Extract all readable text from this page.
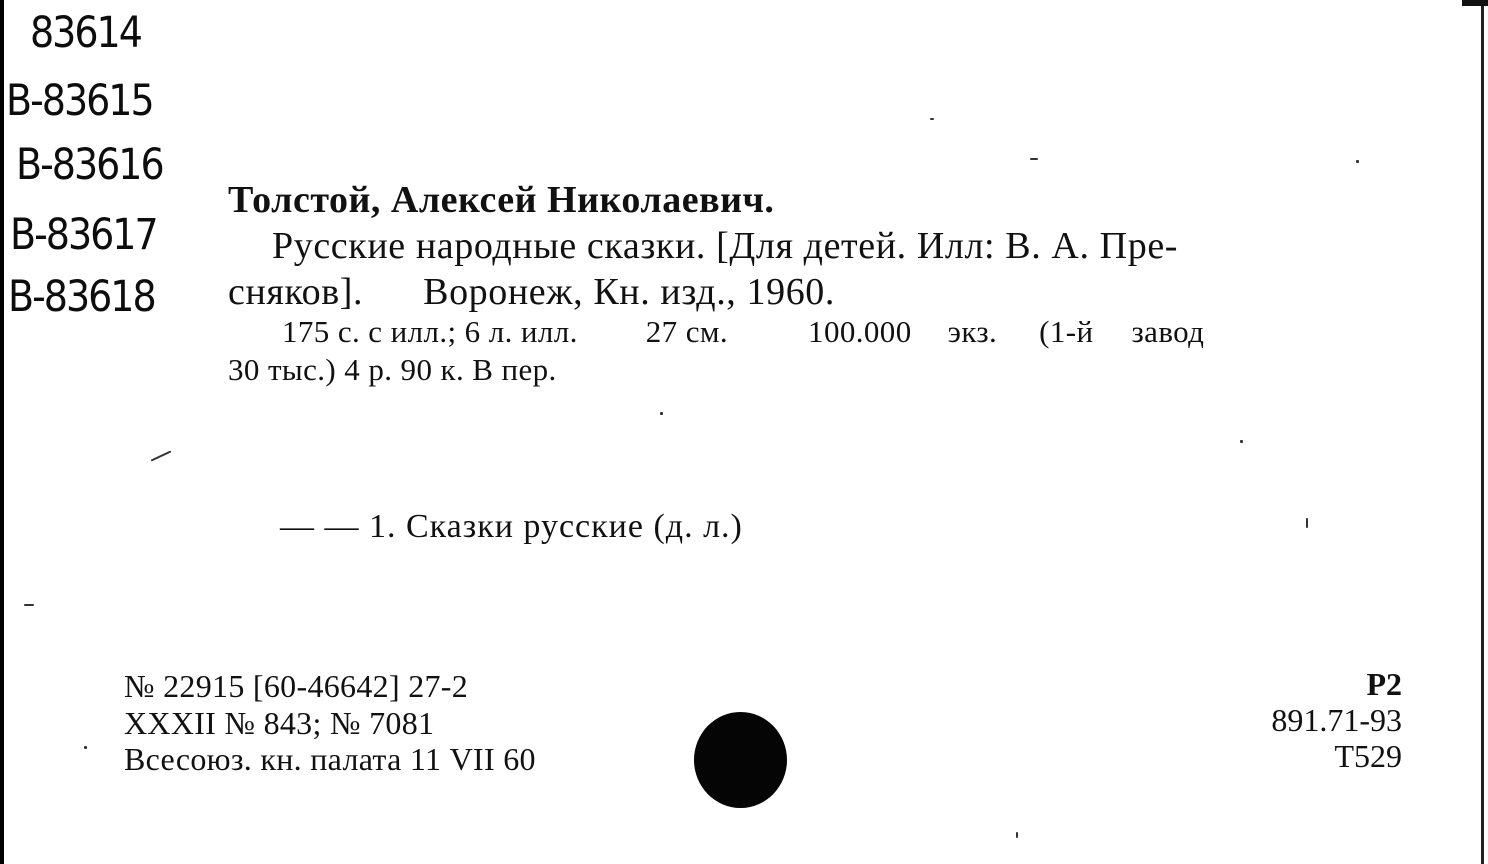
83614
B-83615
B-83616
B-83617
B-83618
Толстой, Алексей Николаевич.
Русские народные сказки. [Для детей. Илл: В. А. Пре-
сняков]. Воронеж, Кн. изд., 1960.
175 с. с илл.; 6 л. илл. 27 см.	100.000 экз. (1-й завод
30 тыс.) 4 р. 90 к. В пер.
— — 1. Сказки русские (д. л.)
№ 22915 [60-46642] 27-2
XXXII № 843; № 7081
Всесоюз. кн. палата 11 VII 60
Р2
891.71-93
Т529
